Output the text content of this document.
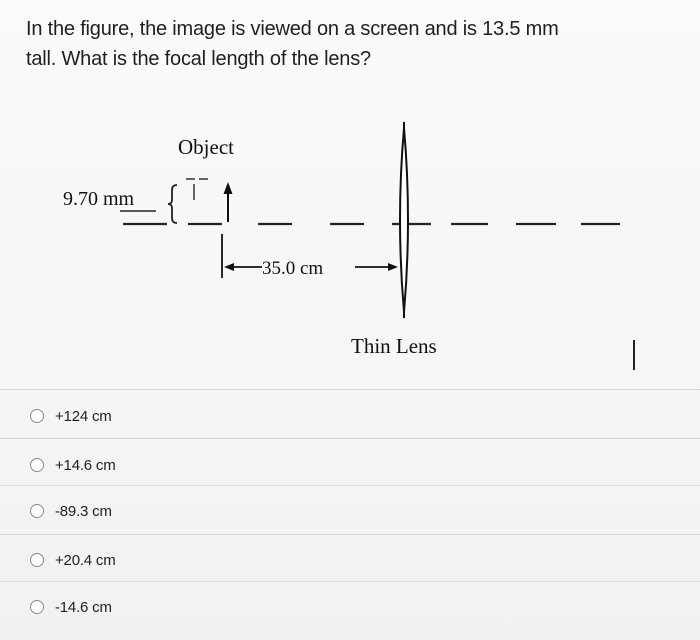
In the figure, the image is viewed on a screen and is 13.5 mm
tall. What is the focal length of the lens?
Object
9.70 mm
35.0 cm
Thin Lens
+124 cm
+14.6 cm
-89.3 cm
+20.4 cm
-14.6 cm
